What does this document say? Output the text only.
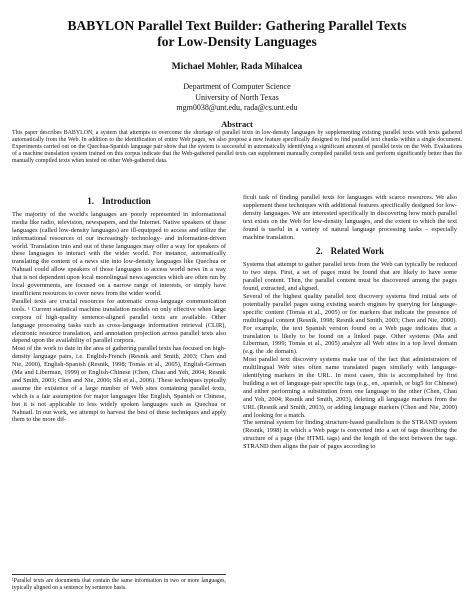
BABYLON Parallel Text Builder: Gathering Parallel Texts
for Low-Density Languages
Michael Mohler, Rada Mihalcea
Department of Computer Science
University of North Texas
mgm0038@unt.edu, rada@cs.unt.edu
Abstract

This paper describes BABYLON, a system that attempts to overcome the shortage of parallel texts in low-density languages by supplementing existing parallel texts with texts gathered automatically from the Web. In addition to the identification of entire Web pages, we also propose a new feature specifically designed to find parallel text chunks within a single document. Experiments carried out on the Quechua-Spanish language pair show that the system is successful in automatically identifying a significant amount of parallel texts on the Web. Evaluations of a machine translation system trained on this corpus indicate that the Web-gathered parallel texts can supplement manually compiled parallel texts and perform significantly better than the manually compiled texts when tested on other Web-gathered data.

1. Introduction

The majority of the world's languages are poorly represented in informational media like radio, television, newspapers, and the Internet. Native speakers of these languages (called low-density languages) are ill-equipped to access and utilize the informational resources of our increasingly technology- and information-driven world. Translation into and out of these languages may offer a way for speakers of these languages to interact with the wider world. For instance, automatically translating the content of a news site into low-density languages like Quechua or Nahuatl could allow speakers of those languages to access world news in a way that is not dependent upon local monolingual news agencies which are often run by local governments, are focused on a narrow range of interests, or simply have insufficient resources to cover news from the wider world.

Parallel texts are crucial resources for automatic cross-language communication tools. ¹ Current statistical machine translation models on only effective when large corpora of high-quality sentence-aligned parallel texts are available. Other language processing tasks such as cross-language information retrieval (CLIR), electronic resource translation, and annotation projection across parallel texts also depend upon the availability of parallel corpora.

Most of the work to date in the area of gathering parallel texts has focused on high-density language pairs, i.e. English-French (Resnik and Smith, 2003; Chen and Nie, 2000), English-Spanish (Resnik, 1998; Tomás et al., 2005), English-German (Ma and Liberman, 1999) or English-Chinese (Chen, Chau and Yeh, 2004; Resnik and Smith, 2003; Chen and Nie, 2000; Shi et al., 2006). These techniques typically assume the existence of a large number of Web sites containing parallel texts, which is a fair assumption for major languages like English, Spanish or Chinese, but it is not applicable to less widely spoken languages such as Quechua or Nahuatl. In our work, we attempt to harvest the best of these techniques and apply them to the more dif-

ficult task of finding parallel texts for languages with scarce resources. We also supplement these techniques with additional features specifically designed for low-density languages. We are interested specifically in discovering how much parallel text exists on the Web for low-density languages, and the extent to which the text found is useful in a variety of natural language processing tasks – especially machine translation.

2. Related Work

Systems that attempt to gather parallel texts from the Web can typically be reduced to two steps. First, a set of pages must be found that are likely to have some parallel content. Then, the parallel content must be discovered among the pages found, extracted, and aligned.

Several of the highest quality parallel text discovery systems find initial sets of potentially parallel pages using existing search engines by querying for language-specific content (Tomás et al., 2005) or for markers that indicate the presence of multilingual content (Resnik, 1998; Resnik and Smith, 2003; Chen and Nie, 2000). For example, the text Spanish version found on a Web page indicates that a translation is likely to be found on a linked page. Other systems (Ma and Liberman, 1999; Tomás et al., 2005) analyze all Web sites in a top level domain (e.g. the .de domain).

Most parallel text discovery systems make use of the fact that administrators of multilingual Web sites often name translated pages similarly with language-identifying markers in the URL. In most cases, this is accomplished by first building a set of language-pair specific tags (e.g., en, .spanish, or big5 for Chinese) and either performing a substitution from one language to the other (Chen, Chau and Yeh, 2004; Resnik and Smith, 2003), deleting all language markers from the URL (Resnik and Smith, 2003), or adding language markers (Chen and Nie, 2000) and looking for a match.

The seminal system for finding structure-based parallelism is the STRAND system (Resnik, 1998) in which a Web page is converted into a set of tags describing the structure of a page (the HTML tags) and the length of the text between the tags. STRAND then aligns the pair of pages according to

¹Parallel texts are documents that contain the same information in two or more languages, typically aligned on a sentence by sentence basis.
